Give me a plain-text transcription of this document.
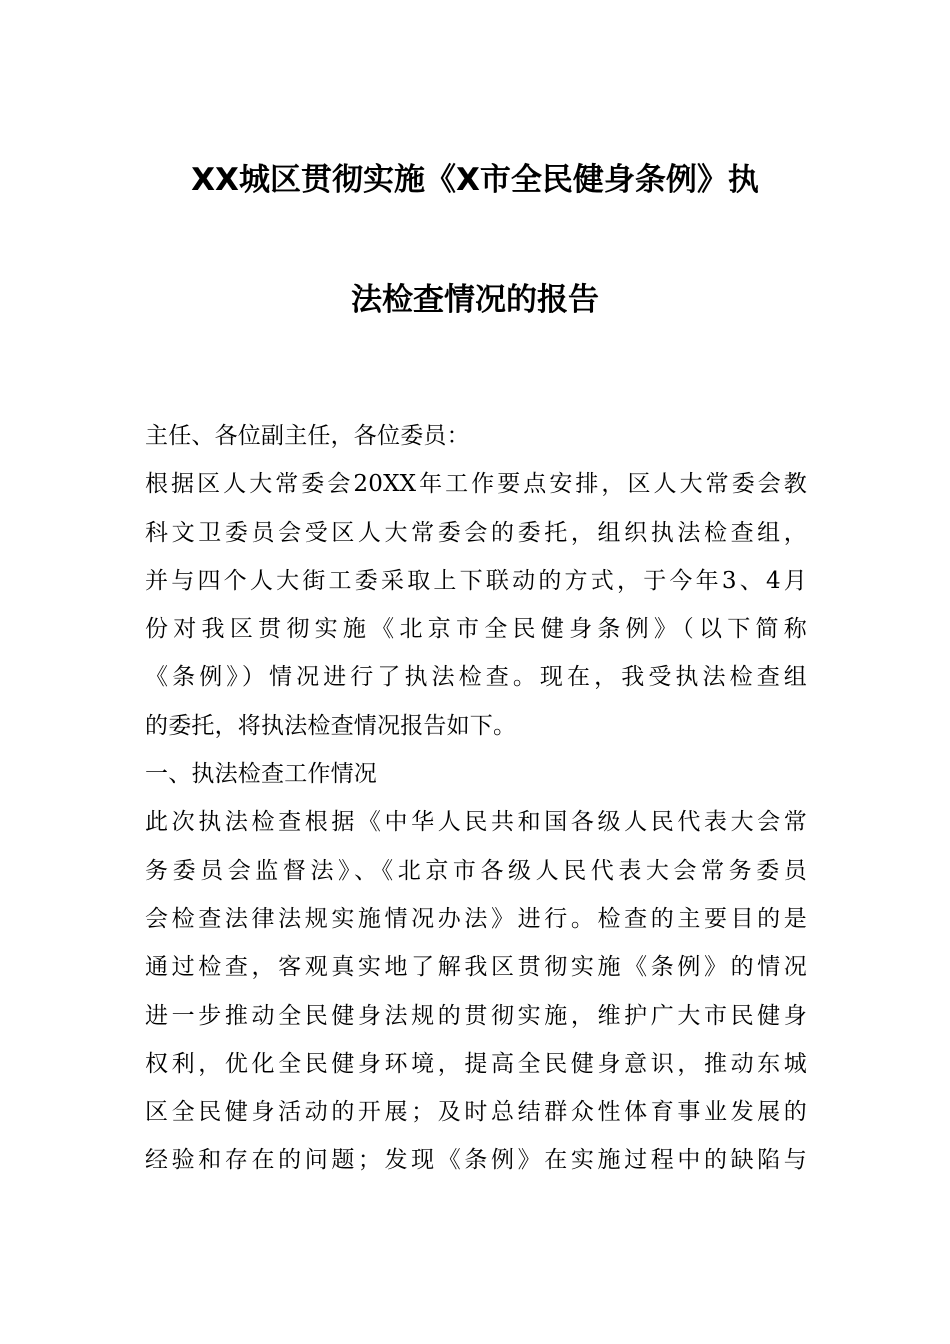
XX城区贯彻实施《X市全民健身条例》执
法检查情况的报告
主任、各位副主任，各位委员：
根据区人大常委会20XX年工作要点安排，区人大常委会教
科文卫委员会受区人大常委会的委托，组织执法检查组，
并与四个人大街工委采取上下联动的方式，于今年3、4月
份对我区贯彻实施《北京市全民健身条例》（以下简称
《条例》）情况进行了执法检查。现在，我受执法检查组
的委托，将执法检查情况报告如下。
一、执法检查工作情况
此次执法检查根据《中华人民共和国各级人民代表大会常
务委员会监督法》、《北京市各级人民代表大会常务委员
会检查法律法规实施情况办法》进行。检查的主要目的是
通过检查，客观真实地了解我区贯彻实施《条例》的情况
进一步推动全民健身法规的贯彻实施，维护广大市民健身
权利，优化全民健身环境，提高全民健身意识，推动东城
区全民健身活动的开展；及时总结群众性体育事业发展的
经验和存在的问题；发现《条例》在实施过程中的缺陷与
